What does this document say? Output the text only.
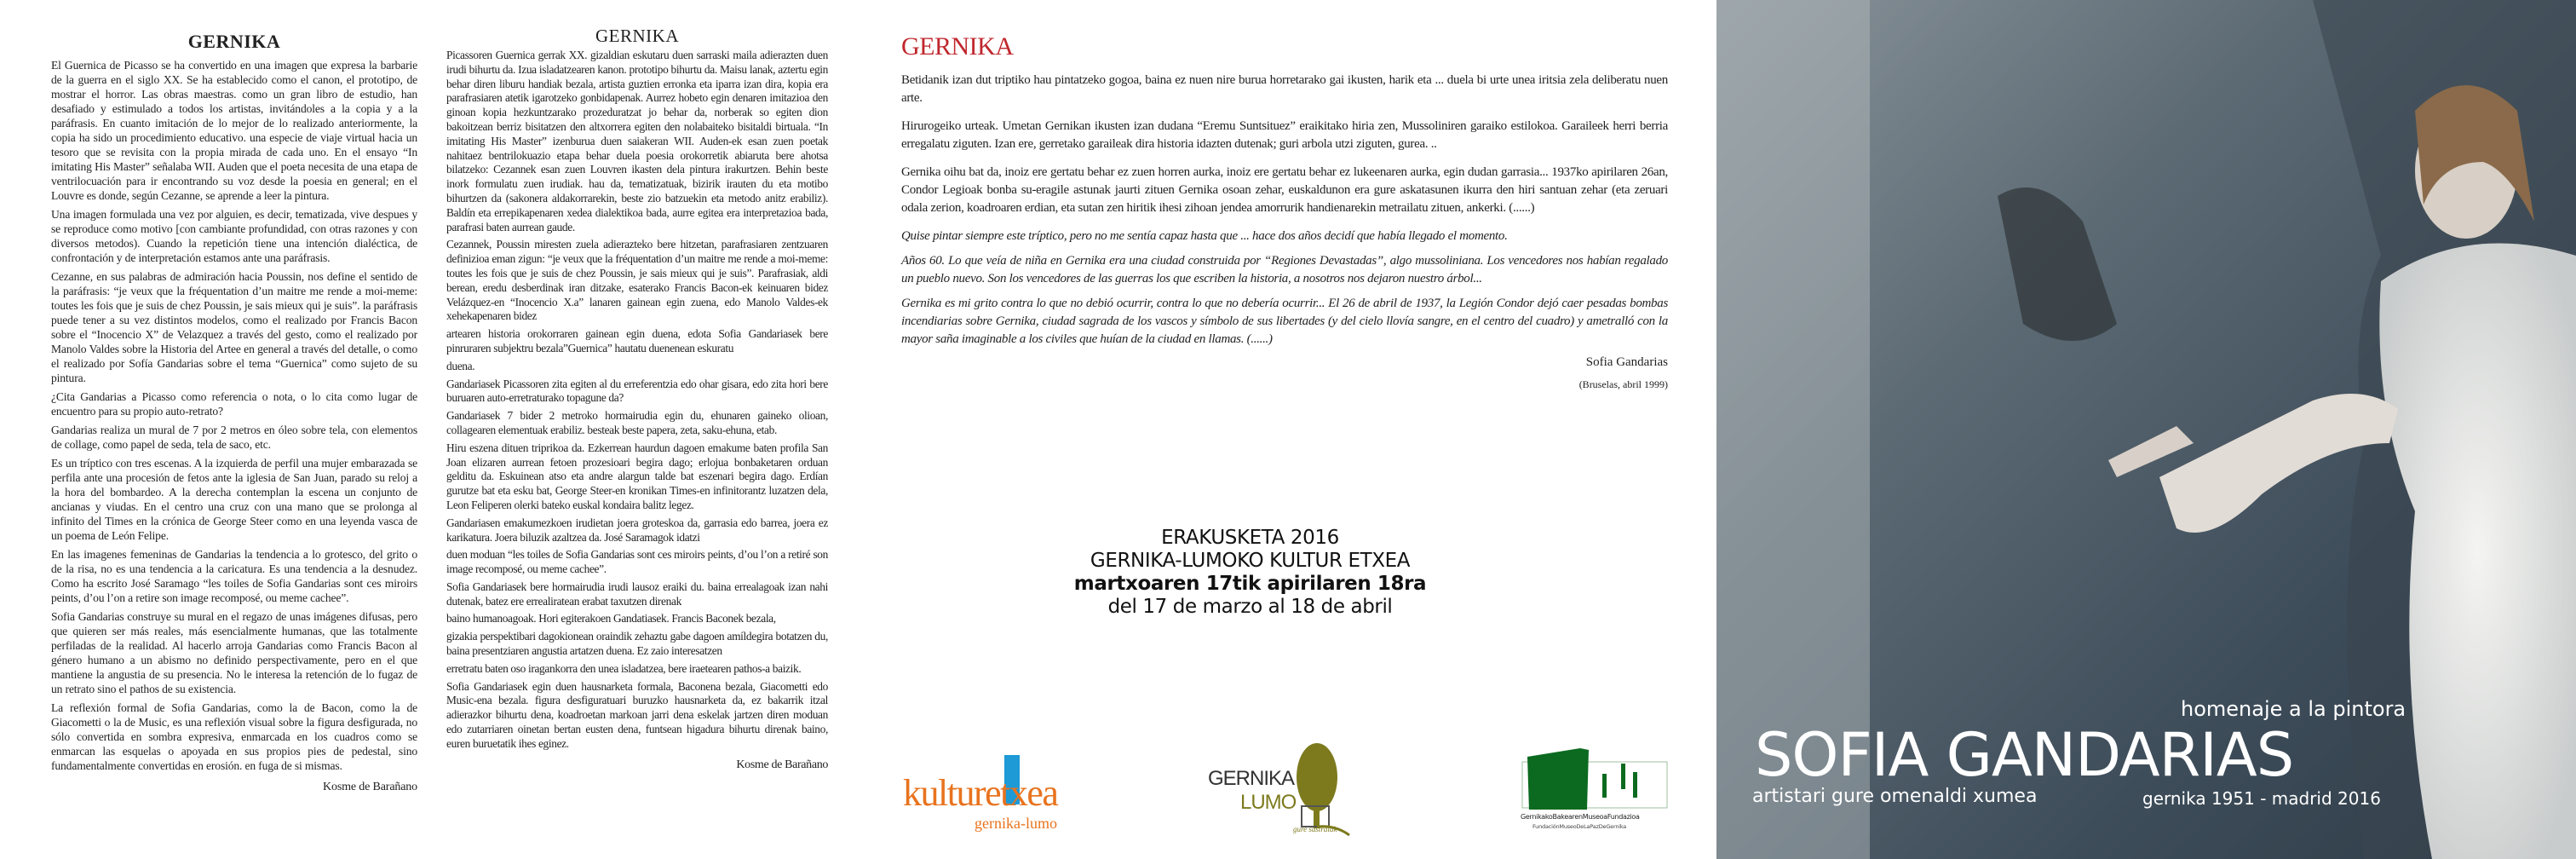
GERNIKA

El Guernica de Picasso se ha convertido en una imagen que expresa la barbarie de la guerra en el siglo XX. Se ha establecido como el canon, el prototipo, de mostrar el horror. Las obras maestras. como un gran libro de estudio, han desafiado y estimulado a todos los artistas, invitándoles a la copia y a la paráfrasis. En cuanto imitación de lo mejor de lo realizado anteriormente, la copia ha sido un procedimiento educativo. una especie de viaje virtual hacia un tesoro que se revisita con la propia mirada de cada uno. En el ensayo “In imitating His Master” señalaba WII. Auden que el poeta necesita de una etapa de ventrilocuación para ir encontrando su voz desde la poesia en general; en el Louvre es donde, según Cezanne, se aprende a leer la pintura.

Una imagen formulada una vez por alguien, es decir, tematizada, vive despues y se reproduce como motivo [con cambiante profundidad, con otras razones y con diversos metodos). Cuando la repetición tiene una intención dialéctica, de confrontación y de interpretación estamos ante una paráfrasis.

Cezanne, en sus palabras de admiración hacia Poussin, nos define el sentido de la paráfrasis: “je veux que la fréquentation d’un maitre me rende a moi-meme: toutes les fois que je suis de chez Poussin, je sais mieux qui je suis”. la paráfrasis puede tener a su vez distintos modelos, como el realizado por Francis Bacon sobre el “Inocencio X” de Velazquez a través del gesto, como el realizado por Manolo Valdes sobre la Historia del Artee en general a través del detalle, o como el realizado por Sofía Gandarias sobre el tema “Guernica” como sujeto de su pintura.

¿Cita Gandarias a Picasso como referencia o nota, o lo cita como lugar de encuentro para su propio auto-retrato?

Gandarias realiza un mural de 7 por 2 metros en óleo sobre tela, con elementos de collage, como papel de seda, tela de saco, etc.

Es un tríptico con tres escenas. A la izquierda de perfil una mujer embarazada se perfila ante una procesión de fetos ante la iglesia de San Juan, parado su reloj a la hora del bombardeo. A la derecha contemplan la escena un conjunto de ancianas y viudas. En el centro una cruz con una mano que se prolonga al infinito del Times en la crónica de George Steer como en una leyenda vasca de un poema de León Felipe.

En las imagenes femeninas de Gandarias la tendencia a lo grotesco, del grito o de la risa, no es una tendencia a la caricatura. Es una tendencia a la desnudez. Como ha escrito José Saramago “les toiles de Sofia Gandarias sont ces miroirs peints, d’ou l’on a retire son image recomposé, ou meme cachee”.

Sofia Gandarias construye su mural en el regazo de unas imágenes difusas, pero que quieren ser más reales, más esencialmente humanas, que las totalmente perfiladas de la realidad. Al hacerlo arroja Gandarias como Francis Bacon al género humano a un abismo no definido perspectivamente, pero en el que mantiene la angustia de su presencia. No le interesa la retención de lo fugaz de un retrato sino el pathos de su existencia.

La reflexión formal de Sofia Gandarias, como la de Bacon, como la de Giacometti o la de Music, es una reflexión visual sobre la figura desfigurada, no sólo convertida en sombra expresiva, enmarcada en los cuadros como se enmarcan las esquelas o apoyada en sus propios pies de pedestal, sino fundamentalmente convertidas en erosión. en fuga de si mismas.

Kosme de Barañano

GERNIKA

Picassoren Guernica gerrak XX. gizaldian eskutaru duen sarraski maila adierazten duen irudi bihurtu da. Izua isladatzearen kanon. prototipo bihurtu da. Maisu lanak, aztertu egin behar diren liburu handiak bezala, artista guztien erronka eta iparra izan dira, kopia era parafrasiaren atetik igarotzeko gonbidapenak. Aurrez hobeto egin denaren imitazioa den ginoan kopia hezkuntzarako prozeduratzat jo behar da, norberak so egiten dion bakoitzean berriz bisitatzen den altxorrera egiten den nolabaiteko bisitaldi birtuala. “In imitating His Master” izenburua duen saiakeran WII. Auden-ek esan zuen poetak nahitaez bentrilokuazio etapa behar duela poesia orokorretik abiaruta bere ahotsa bilatzeko: Cezannek esan zuen Louvren ikasten dela pintura irakurtzen. Behin beste inork formulatu zuen irudiak. hau da, tematizatuak, bizirik irauten du eta motibo bihurtzen da (sakonera aldakorrarekin, beste zio batzuekin eta metodo anitz erabiliz). Baldín eta errepikapenaren xedea dialektikoa bada, aurre egitea era interpretazioa bada, parafrasi baten aurrean gaude.

Cezannek, Poussin miresten zuela adierazteko bere hitzetan, parafrasiaren zentzuaren definizioa eman zigun: “je veux que la fréquentation d’un maitre me rende a moi-meme: toutes les fois que je suis de chez Poussin, je sais mieux qui je suis”. Parafrasiak, aldi berean, eredu desberdinak iran ditzake, esaterako Francis Bacon-ek keinuaren bidez Velázquez-en “Inocencio X.a” lanaren gainean egin zuena, edo Manolo Valdes-ek xehekapenaren bidez

artearen historia orokorraren gainean egin duena, edota Sofia Gandariasek bere pinruraren subjektru bezala”Guernica” hautatu duenenean eskuratu

duena.

Gandariasek Picassoren zita egiten al du erreferentzia edo ohar gisara, edo zita hori bere buruaren auto-erretraturako topagune da?

Gandariasek 7 bider 2 metroko hormairudia egin du, ehunaren gaineko olioan, collagearen elementuak erabiliz. besteak beste papera, zeta, saku-ehuna, etab.

Hiru eszena dituen triprikoa da. Ezkerrean haurdun dagoen emakume baten profila San Joan elizaren aurrean fetoen prozesioari begira dago; erlojua bonbaketaren orduan gelditu da. Eskuinean atso eta andre alargun talde bat eszenari begira dago. Erdían gurutze bat eta esku bat, George Steer-en kronikan Times-en infinitorantz luzatzen dela, Leon Feliperen olerki bateko euskal kondaira balitz legez.

Gandariasen emakumezkoen irudietan joera groteskoa da, garrasia edo barrea, joera ez karikatura. Joera biluzik azaltzea da. José Saramagok idatzi

duen moduan “les toiles de Sofia Gandarias sont ces miroirs peints, d’ou l’on a retiré son image recomposé, ou meme cachee”.

Sofia Gandariasek bere hormairudia irudi lausoz eraiki du. baina errealagoak izan nahi dutenak, batez ere errealiratean erabat taxutzen direnak

baino humanoagoak. Hori egiterakoen Gandatiasek. Francis Baconek bezala,

gizakia perspektibari dagokionean oraindik zehaztu gabe dagoen amíldegira botatzen du, baina presentziaren angustia artatzen duena. Ez zaio interesatzen

erretratu baten oso iragankorra den unea isladatzea, bere iraetearen pathos-a baizik.

Sofia Gandariasek egin duen hausnarketa formala, Baconena bezala, Giacometti edo Music-ena bezala. figura desfiguratuari buruzko hausnarketa da, ez bakarrik itzal adierazkor bihurtu dena, koadroetan markoan jarri dena eskelak jartzen diren moduan edo zutarriaren oinetan bertan eusten dena, funtsean higadura bihurtu direnak baino, euren buruetatik ihes eginez.

Kosme de Barañano

GERNIKA

Betidanik izan dut triptiko hau pintatzeko gogoa, baina ez nuen nire burua horretarako gai ikusten, harik eta ... duela bi urte unea iritsia zela deliberatu nuen arte.

Hirurogeiko urteak. Umetan Gernikan ikusten izan dudana “Eremu Suntsituez” eraikitako hiria zen, Mussoliniren garaiko estilokoa. Garaileek herri berria erregalatu ziguten. Izan ere, gerretako garaileak dira historia idazten dutenak; guri arbola utzi ziguten, gurea. ..

Gernika oihu bat da, inoiz ere gertatu behar ez zuen horren aurka, inoiz ere gertatu behar ez lukeenaren aurka, egin dudan garrasia... 1937ko apirilaren 26an, Condor Legioak bonba su-eragile astunak jaurti zituen Gernika osoan zehar, euskaldunon era gure askatasunen ikurra den hiri santuan zehar (eta zeruari odala zerion, koadroaren erdian, eta sutan zen hiritik ihesi zihoan jendea amorrurik handienarekin metrailatu zituen, ankerki. (......)

Quise pintar siempre este tríptico, pero no me sentía capaz hasta que ... hace dos años decidí que había llegado el momento.

Años 60. Lo que veía de niña en Gernika era una ciudad construida por “Regiones Devastadas”, algo mussoliniana. Los vencedores nos habían regalado un pueblo nuevo. Son los vencedores de las guerras los que escriben la historia, a nosotros nos dejaron nuestro árbol...

Gernika es mi grito contra lo que no debió ocurrir, contra lo que no debería ocurrir... El 26 de abril de 1937, la Legión Condor dejó caer pesadas bombas incendiarias sobre Gernika, ciudad sagrada de los vascos y símbolo de sus libertades (y del cielo llovía sangre, en el centro del cuadro) y ametralló con la mayor saña imaginable a los civiles que huían de la ciudad en llamas. (......)

Sofia Gandarias
(Bruselas, abril 1999)
ERAKUSKETA 2016
GERNIKA-LUMOKO KULTUR ETXEA
martxoaren 17tik apirilaren 18ra
del 17 de marzo al 18 de abril
kulturetxea
gernika-lumo
GERNIKA
LUMO
gure sustraiak
GernikakoBakearenMuseoaFundazioa
FundaciónMuseoDeLaPazDeGernika
homenaje a la pintora
SOFIA GANDARIAS
artistari gure omenaldi xumea	gernika 1951 - madrid 2016
